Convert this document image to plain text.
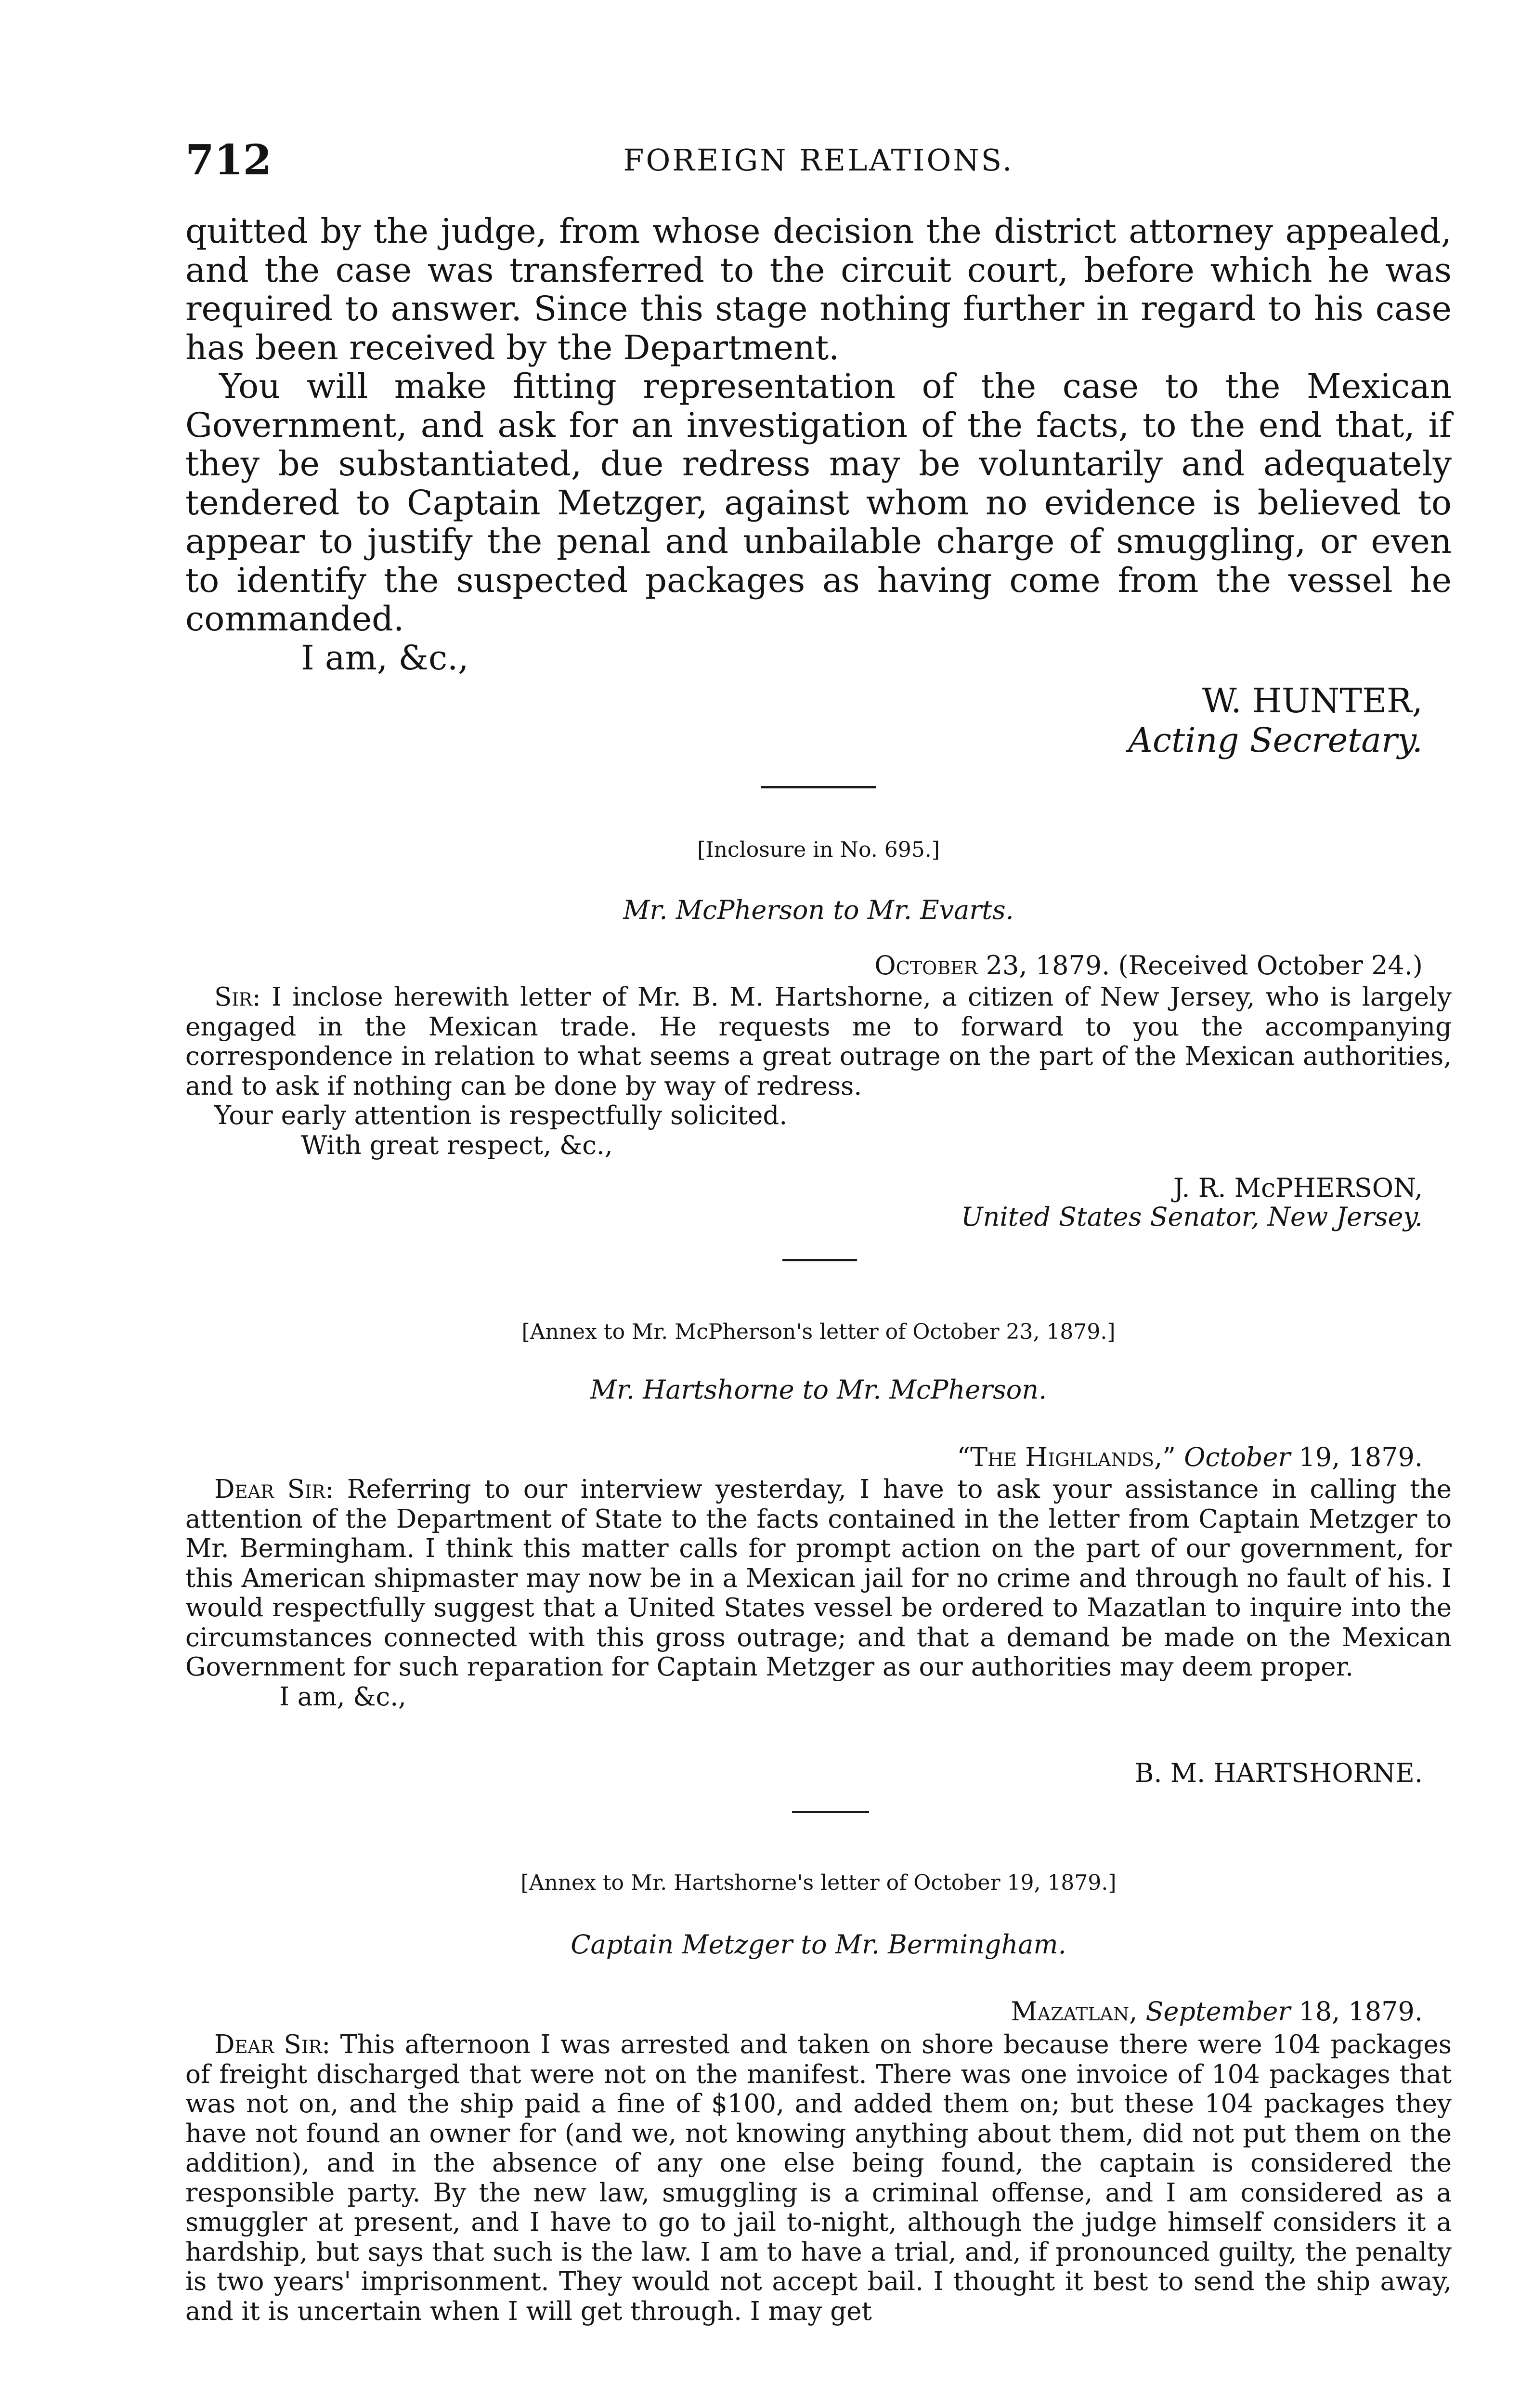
712	FOREIGN RELATIONS.

quitted by the judge, from whose decision the district attorney appealed, and the case was transferred to the circuit court, before which he was required to answer. Since this stage nothing further in regard to his case has been received by the Department.

You will make fitting representation of the case to the Mexican Government, and ask for an investigation of the facts, to the end that, if they be substantiated, due redress may be voluntarily and adequately tendered to Captain Metzger, against whom no evidence is believed to appear to justify the penal and unbailable charge of smuggling, or even to identify the suspected packages as having come from the vessel he commanded.

I am, &c.,

W. HUNTER,
Acting Secretary.
[Inclosure in No. 695.]
Mr. McPherson to Mr. Evarts.
October 23, 1879. (Received October 24.)

Sir: I inclose herewith letter of Mr. B. M. Hartshorne, a citizen of New Jersey, who is largely engaged in the Mexican trade. He requests me to forward to you the accompanying correspondence in relation to what seems a great outrage on the part of the Mexican authorities, and to ask if nothing can be done by way of redress.

Your early attention is respectfully solicited.

With great respect, &c.,

J. R. McPHERSON,
United States Senator, New Jersey.
[Annex to Mr. McPherson's letter of October 23, 1879.]
Mr. Hartshorne to Mr. McPherson.
“The Highlands,” October 19, 1879.

Dear Sir: Referring to our interview yesterday, I have to ask your assistance in calling the attention of the Department of State to the facts contained in the letter from Captain Metzger to Mr. Bermingham. I think this matter calls for prompt action on the part of our government, for this American shipmaster may now be in a Mexican jail for no crime and through no fault of his. I would respectfully suggest that a United States vessel be ordered to Mazatlan to inquire into the circumstances connected with this gross outrage; and that a demand be made on the Mexican Government for such reparation for Captain Metzger as our authorities may deem proper.

I am, &c.,

B. M. HARTSHORNE.
[Annex to Mr. Hartshorne's letter of October 19, 1879.]
Captain Metzger to Mr. Bermingham.
Mazatlan, September 18, 1879.

Dear Sir: This afternoon I was arrested and taken on shore because there were 104 packages of freight discharged that were not on the manifest. There was one invoice of 104 packages that was not on, and the ship paid a fine of $100, and added them on; but these 104 packages they have not found an owner for (and we, not knowing anything about them, did not put them on the addition), and in the absence of any one else being found, the captain is considered the responsible party. By the new law, smuggling is a criminal offense, and I am considered as a smuggler at present, and I have to go to jail to-night, although the judge himself considers it a hardship, but says that such is the law. I am to have a trial, and, if pronounced guilty, the penalty is two years' imprisonment. They would not accept bail. I thought it best to send the ship away, and it is uncertain when I will get through. I may get
